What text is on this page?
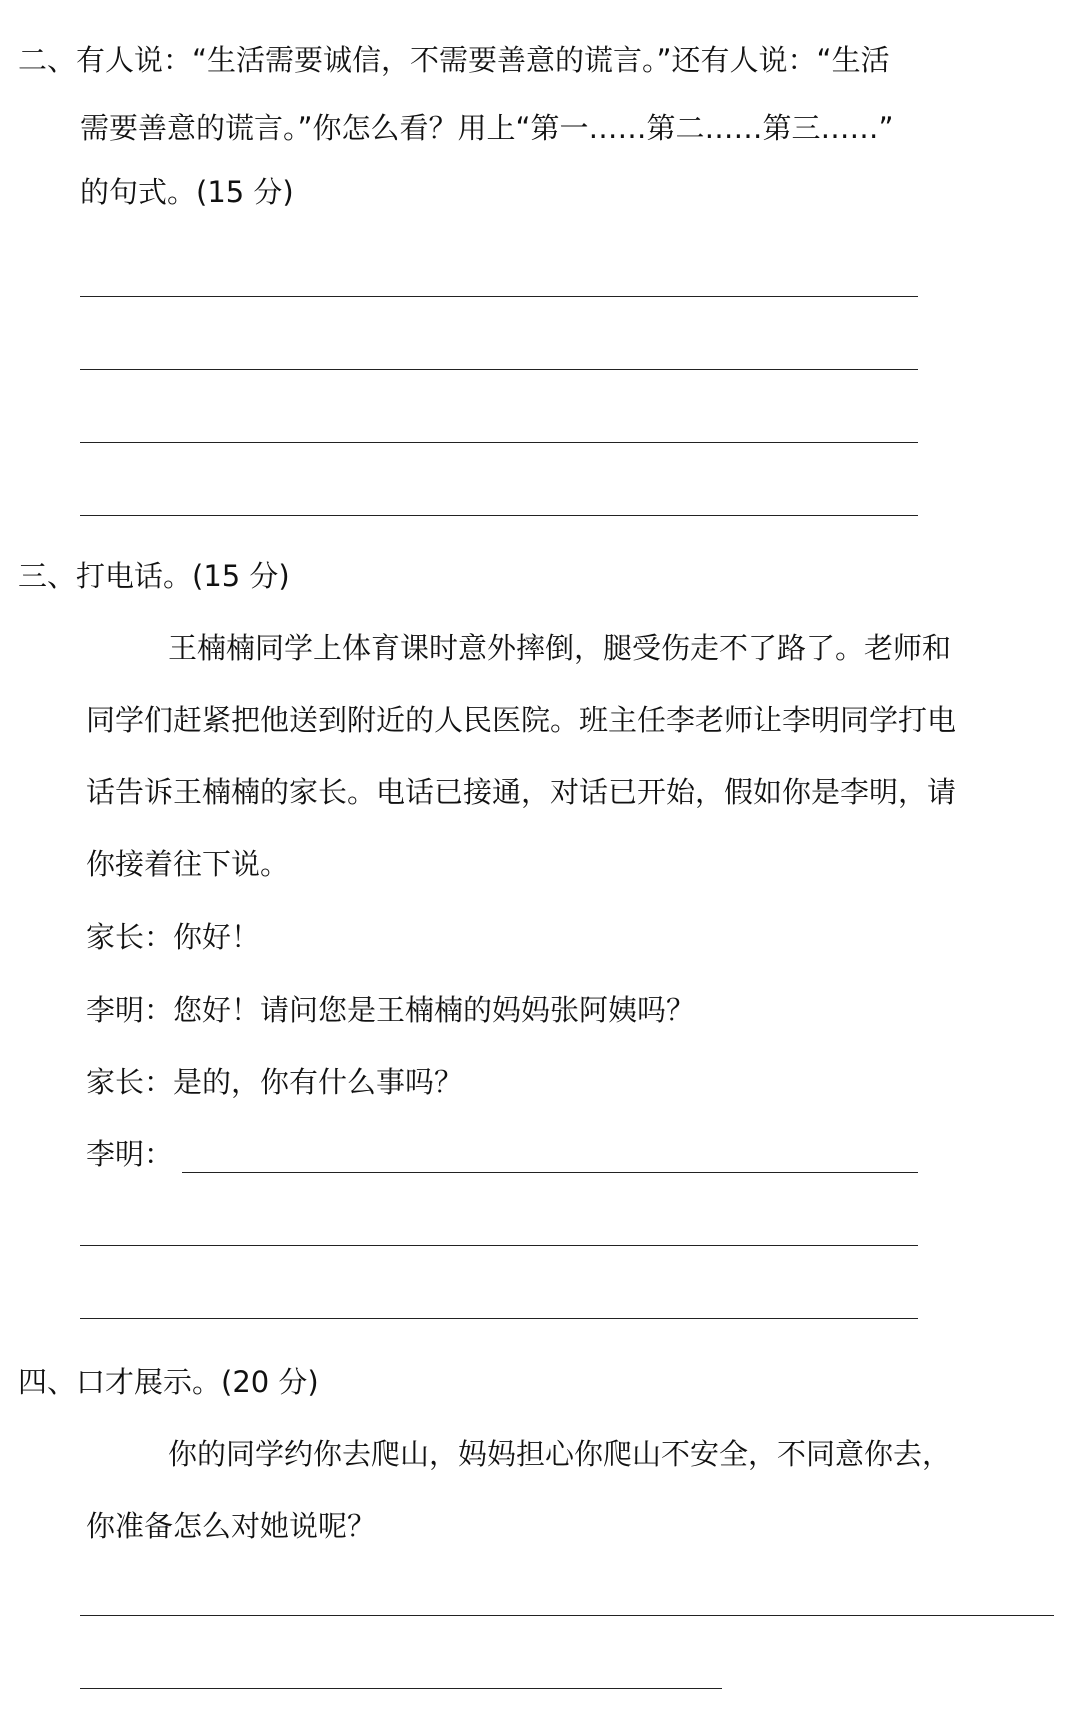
二、有人说：“生活需要诚信，不需要善意的谎言。”还有人说：“生活
需要善意的谎言。”你怎么看？用上“第一……第二……第三……”
的句式。(15 分)
三、打电话。(15 分)
王楠楠同学上体育课时意外摔倒，腿受伤走不了路了。老师和
同学们赶紧把他送到附近的人民医院。班主任李老师让李明同学打电
话告诉王楠楠的家长。电话已接通，对话已开始，假如你是李明，请
你接着往下说。
家长：你好！
李明：您好！请问您是王楠楠的妈妈张阿姨吗？
家长：是的，你有什么事吗？
李明：
四、口才展示。(20 分)
你的同学约你去爬山，妈妈担心你爬山不安全，不同意你去，
你准备怎么对她说呢？
